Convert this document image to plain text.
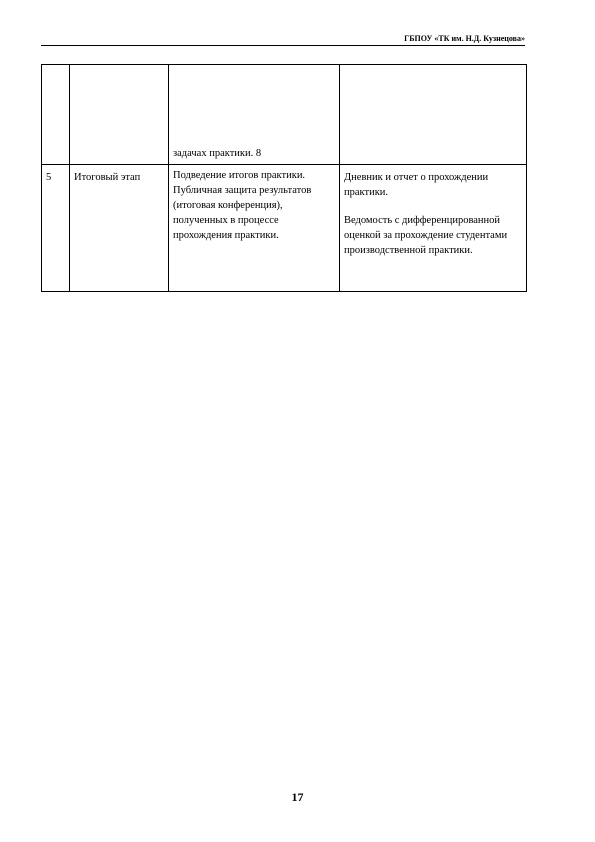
ГБПОУ «ТК им. Н.Д. Кузнецова»
		задачах практики. 8	
5	Итоговый этап	Подведение итогов практики. Публичная защита результатов (итоговая конференция), полученных в процессе прохождения практики.	Дневник и отчет о прохождении практики.

Ведомость с дифференцированной оценкой за прохождение студентами производственной практики.

17
